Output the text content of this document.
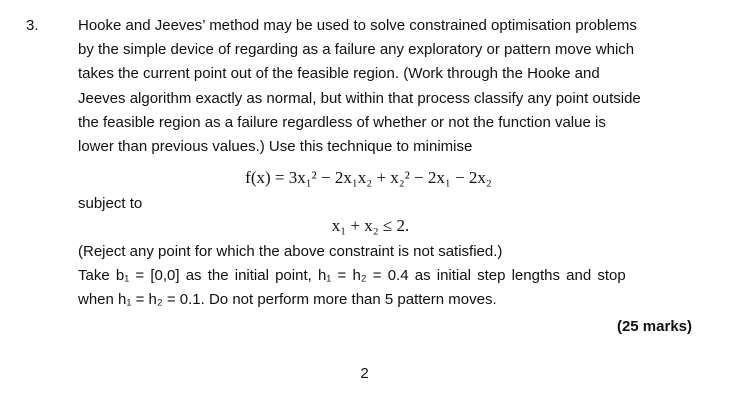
3.	Hooke and Jeeves’ method may be used to solve constrained optimisation problems

by the simple device of regarding as a failure any exploratory or pattern move which

takes the current point out of the feasible region. (Work through the Hooke and

Jeeves algorithm exactly as normal, but within that process classify any point outside

the feasible region as a failure regardless of whether or not the function value is

lower than previous values.) Use this technique to minimise

f(x) = 3x₁² − 2x₁x₂ + x₂² − 2x₁ − 2x₂

subject to

x₁ + x₂ ≤ 2.

(Reject any point for which the above constraint is not satisfied.)

Take b₁ = [0,0] as the initial point, h₁ = h₂ = 0.4 as initial step lengths and stop

when h₁ = h₂ = 0.1. Do not perform more than 5 pattern moves.

(25 marks)
2
